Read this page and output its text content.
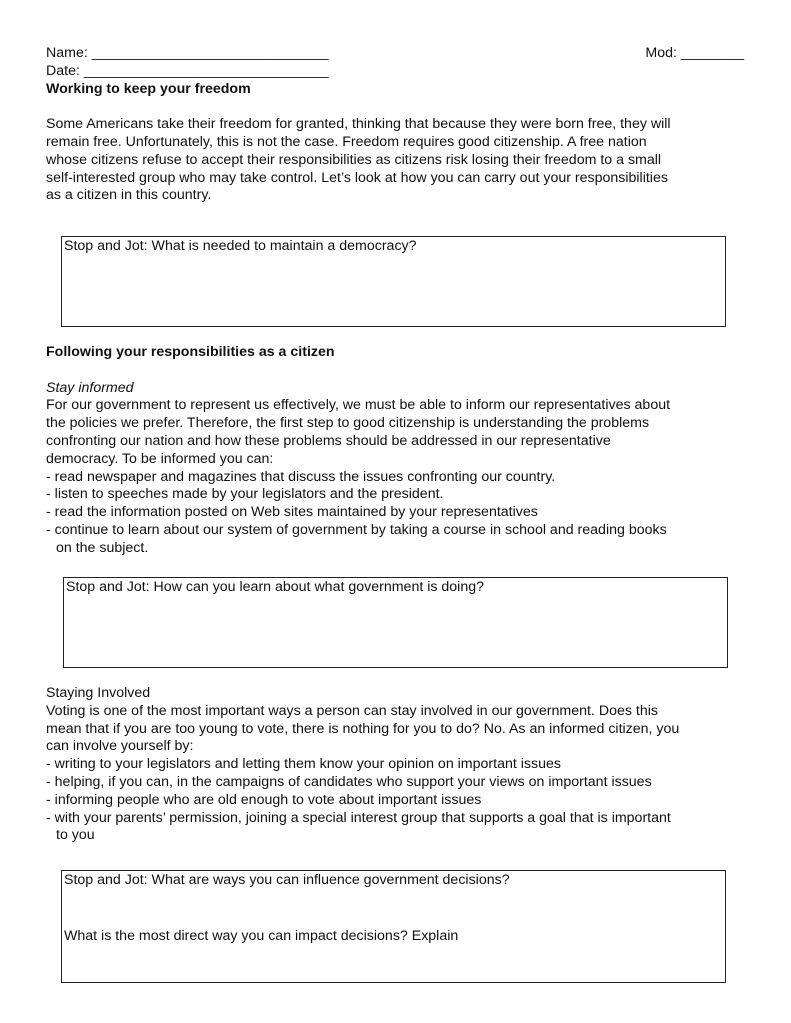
Name: ______________________________	Mod: ________
Date: _______________________________
Working to keep your freedom
Some Americans take their freedom for granted, thinking that because they were born free, they will
remain free. Unfortunately, this is not the case. Freedom requires good citizenship. A free nation
whose citizens refuse to accept their responsibilities as citizens risk losing their freedom to a small
self-interested group who may take control. Let’s look at how you can carry out your responsibilities
as a citizen in this country.
Stop and Jot: What is needed to maintain a democracy?
Following your responsibilities as a citizen
Stay informed
For our government to represent us effectively, we must be able to inform our representatives about
the policies we prefer. Therefore, the first step to good citizenship is understanding the problems
confronting our nation and how these problems should be addressed in our representative
democracy. To be informed you can:
- read newspaper and magazines that discuss the issues confronting our country.
- listen to speeches made by your legislators and the president.
- read the information posted on Web sites maintained by your representatives
- continue to learn about our system of government by taking a course in school and reading books
on the subject.
Stop and Jot: How can you learn about what government is doing?
Staying Involved
Voting is one of the most important ways a person can stay involved in our government. Does this
mean that if you are too young to vote, there is nothing for you to do? No. As an informed citizen, you
can involve yourself by:
- writing to your legislators and letting them know your opinion on important issues
- helping, if you can, in the campaigns of candidates who support your views on important issues
- informing people who are old enough to vote about important issues
- with your parents’ permission, joining a special interest group that supports a goal that is important
to you
Stop and Jot: What are ways you can influence government decisions?
What is the most direct way you can impact decisions? Explain
